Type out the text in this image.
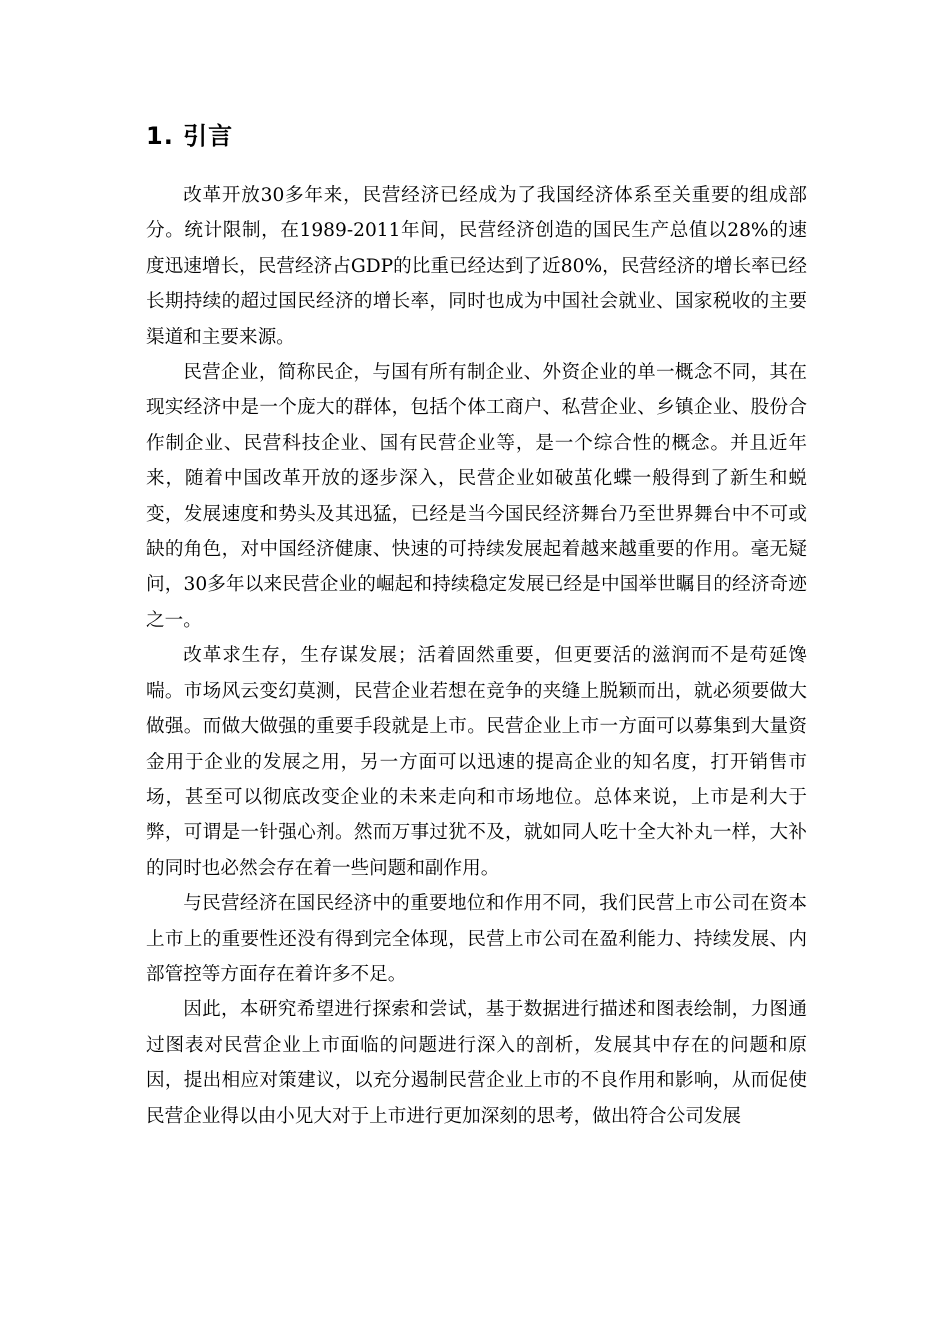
1. 引言

改革开放30多年来，民营经济已经成为了我国经济体系至关重要的组成部分。统计限制，在1989-2011年间，民营经济创造的国民生产总值以28%的速度迅速增长，民营经济占GDP的比重已经达到了近80%，民营经济的增长率已经长期持续的超过国民经济的增长率，同时也成为中国社会就业、国家税收的主要渠道和主要来源。

民营企业，简称民企，与国有所有制企业、外资企业的单一概念不同，其在现实经济中是一个庞大的群体，包括个体工商户、私营企业、乡镇企业、股份合作制企业、民营科技企业、国有民营企业等，是一个综合性的概念。并且近年来，随着中国改革开放的逐步深入，民营企业如破茧化蝶一般得到了新生和蜕变，发展速度和势头及其迅猛，已经是当今国民经济舞台乃至世界舞台中不可或缺的角色，对中国经济健康、快速的可持续发展起着越来越重要的作用。毫无疑问，30多年以来民营企业的崛起和持续稳定发展已经是中国举世瞩目的经济奇迹之一。

改革求生存，生存谋发展；活着固然重要，但更要活的滋润而不是苟延馋喘。市场风云变幻莫测，民营企业若想在竞争的夹缝上脱颖而出，就必须要做大做强。而做大做强的重要手段就是上市。民营企业上市一方面可以募集到大量资金用于企业的发展之用，另一方面可以迅速的提高企业的知名度，打开销售市场，甚至可以彻底改变企业的未来走向和市场地位。总体来说，上市是利大于弊，可谓是一针强心剂。然而万事过犹不及，就如同人吃十全大补丸一样，大补的同时也必然会存在着一些问题和副作用。

与民营经济在国民经济中的重要地位和作用不同，我们民营上市公司在资本上市上的重要性还没有得到完全体现，民营上市公司在盈利能力、持续发展、内部管控等方面存在着许多不足。

因此，本研究希望进行探索和尝试，基于数据进行描述和图表绘制，力图通过图表对民营企业上市面临的问题进行深入的剖析，发展其中存在的问题和原因，提出相应对策建议，以充分遏制民营企业上市的不良作用和影响，从而促使民营企业得以由小见大对于上市进行更加深刻的思考，做出符合公司发展
